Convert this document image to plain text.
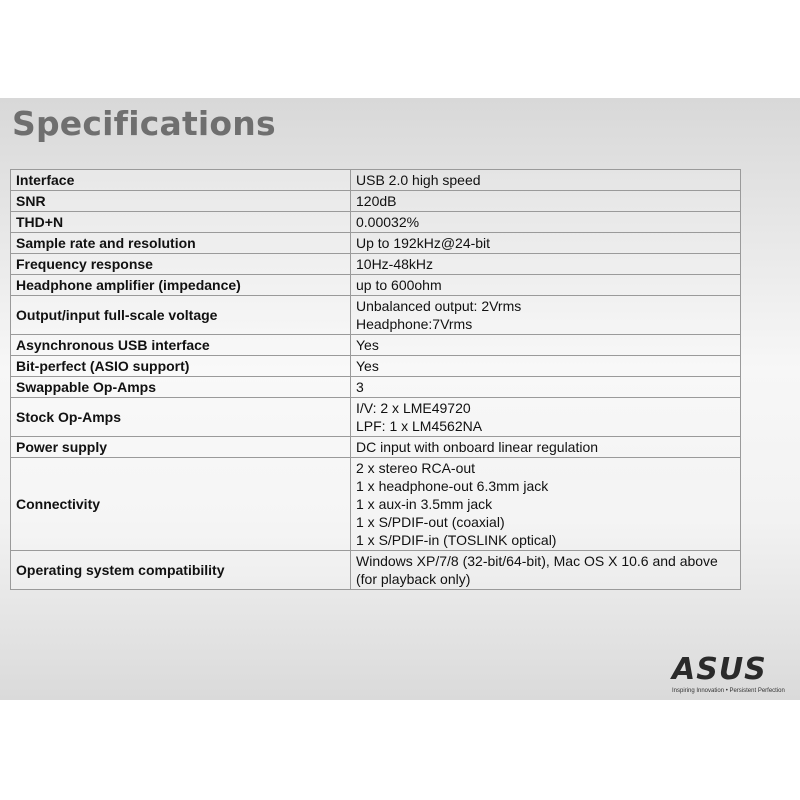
Specifications
Interface	USB 2.0 high speed

SNR	120dB

THD+N	0.00032%

Sample rate and resolution	Up to 192kHz@24-bit

Frequency response	10Hz-48kHz

Headphone amplifier (impedance)	up to 600ohm

Output/input full-scale voltage	Unbalanced output: 2Vrms
Headphone:7Vrms

Asynchronous USB interface	Yes

Bit-perfect (ASIO support)	Yes

Swappable Op-Amps	3

Stock Op-Amps	I/V: 2 x LME49720
LPF: 1 x LM4562NA

Power supply	DC input with onboard linear regulation

Connectivity	2 x stereo RCA-out
1 x headphone-out 6.3mm jack
1 x aux-in 3.5mm jack
1 x S/PDIF-out (coaxial)
1 x S/PDIF-in (TOSLINK optical)

Operating system compatibility	Windows XP/7/8 (32-bit/64-bit), Mac OS X 10.6 and above
(for playback only)
ASUS
Inspiring Innovation • Persistent Perfection
